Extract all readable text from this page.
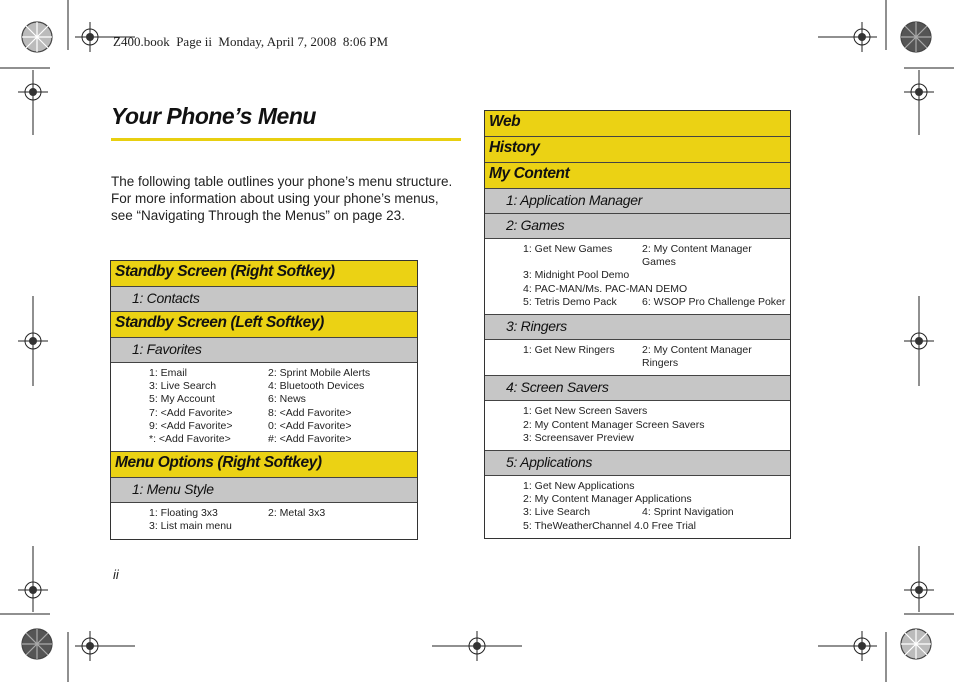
Z400.book  Page ii  Monday, April 7, 2008  8:06 PM
Your Phone’s Menu
The following table outlines your phone’s menu structure. For more information about using your phone’s menus, see “Navigating Through the Menus” on page 23.
ii
Standby Screen (Right Softkey)
1: Contacts
Standby Screen (Left Softkey)
1: Favorites
1: Email	2: Sprint Mobile Alerts
3: Live Search	4: Bluetooth Devices
5: My Account	6: News
7: <Add Favorite>	8: <Add Favorite>
9: <Add Favorite>	0: <Add Favorite>
*: <Add Favorite>	#: <Add Favorite>
Menu Options (Right Softkey)
1: Menu Style
1: Floating 3x3	2: Metal 3x3
3: List main menu
Web
History
My Content
1: Application Manager
2: Games
1: Get New Games	2: My Content Manager Games
3: Midnight Pool Demo
4: PAC-MAN/Ms. PAC-MAN DEMO
5: Tetris Demo Pack	6: WSOP Pro Challenge Poker
3: Ringers
1: Get New Ringers	2: My Content Manager Ringers
4: Screen Savers
1: Get New Screen Savers
2: My Content Manager Screen Savers
3: Screensaver Preview
5: Applications
1: Get New Applications
2: My Content Manager Applications
3: Live Search	4: Sprint Navigation
5: TheWeatherChannel 4.0 Free Trial
